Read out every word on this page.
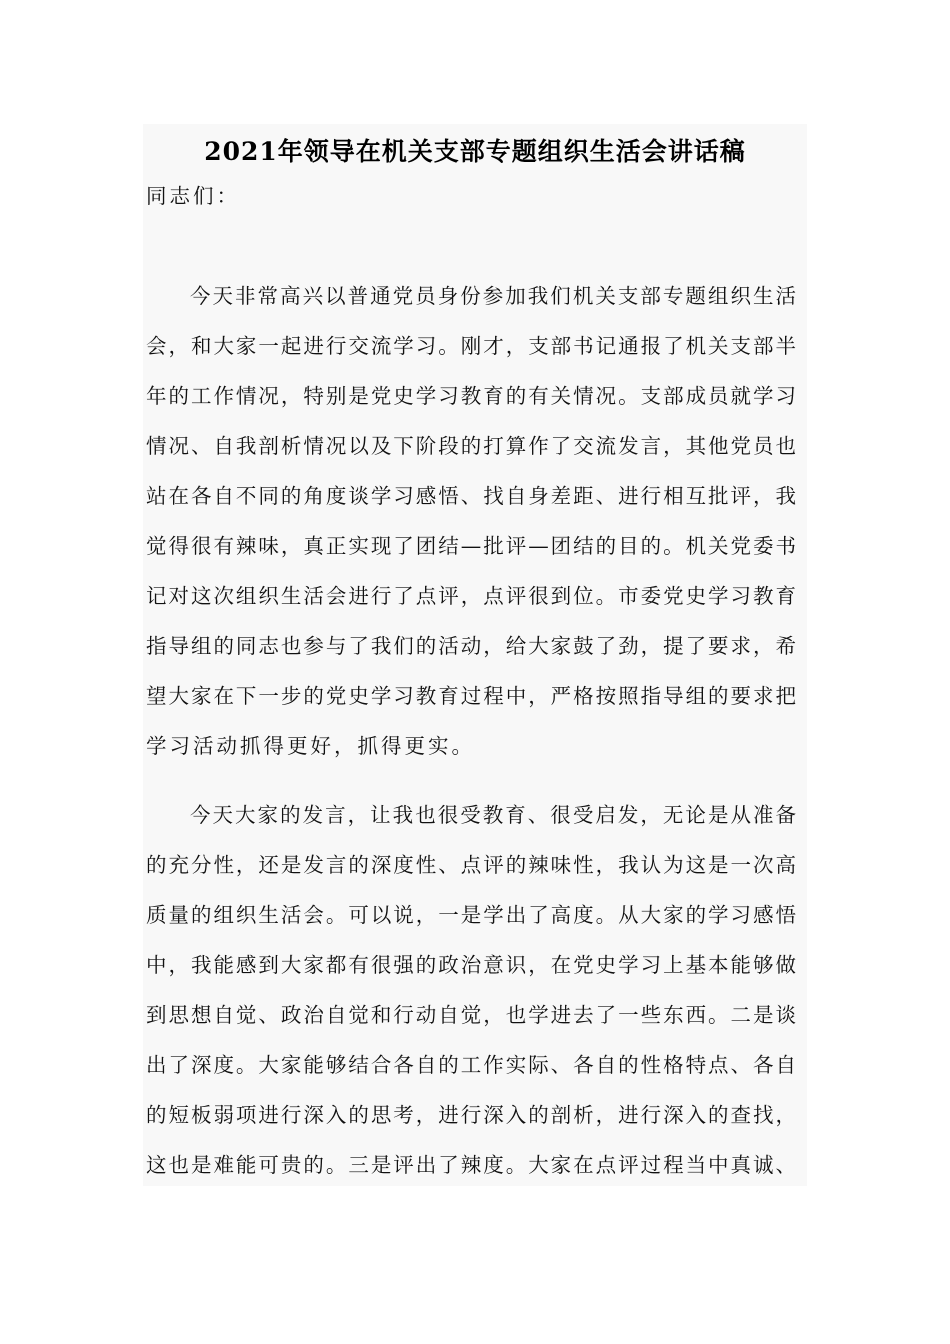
2021年领导在机关支部专题组织生活会讲话稿
同志们：
今天非常高兴以普通党员身份参加我们机关支部专题组织生活
会，和大家一起进行交流学习。刚才，支部书记通报了机关支部半
年的工作情况，特别是党史学习教育的有关情况。支部成员就学习
情况、自我剖析情况以及下阶段的打算作了交流发言，其他党员也
站在各自不同的角度谈学习感悟、找自身差距、进行相互批评，我
觉得很有辣味，真正实现了团结—批评—团结的目的。机关党委书
记对这次组织生活会进行了点评，点评很到位。市委党史学习教育
指导组的同志也参与了我们的活动，给大家鼓了劲，提了要求，希
望大家在下一步的党史学习教育过程中，严格按照指导组的要求把
学习活动抓得更好，抓得更实。
今天大家的发言，让我也很受教育、很受启发，无论是从准备
的充分性，还是发言的深度性、点评的辣味性，我认为这是一次高
质量的组织生活会。可以说，一是学出了高度。从大家的学习感悟
中，我能感到大家都有很强的政治意识，在党史学习上基本能够做
到思想自觉、政治自觉和行动自觉，也学进去了一些东西。二是谈
出了深度。大家能够结合各自的工作实际、各自的性格特点、各自
的短板弱项进行深入的思考，进行深入的剖析，进行深入的查找，
这也是难能可贵的。三是评出了辣度。大家在点评过程当中真诚、
